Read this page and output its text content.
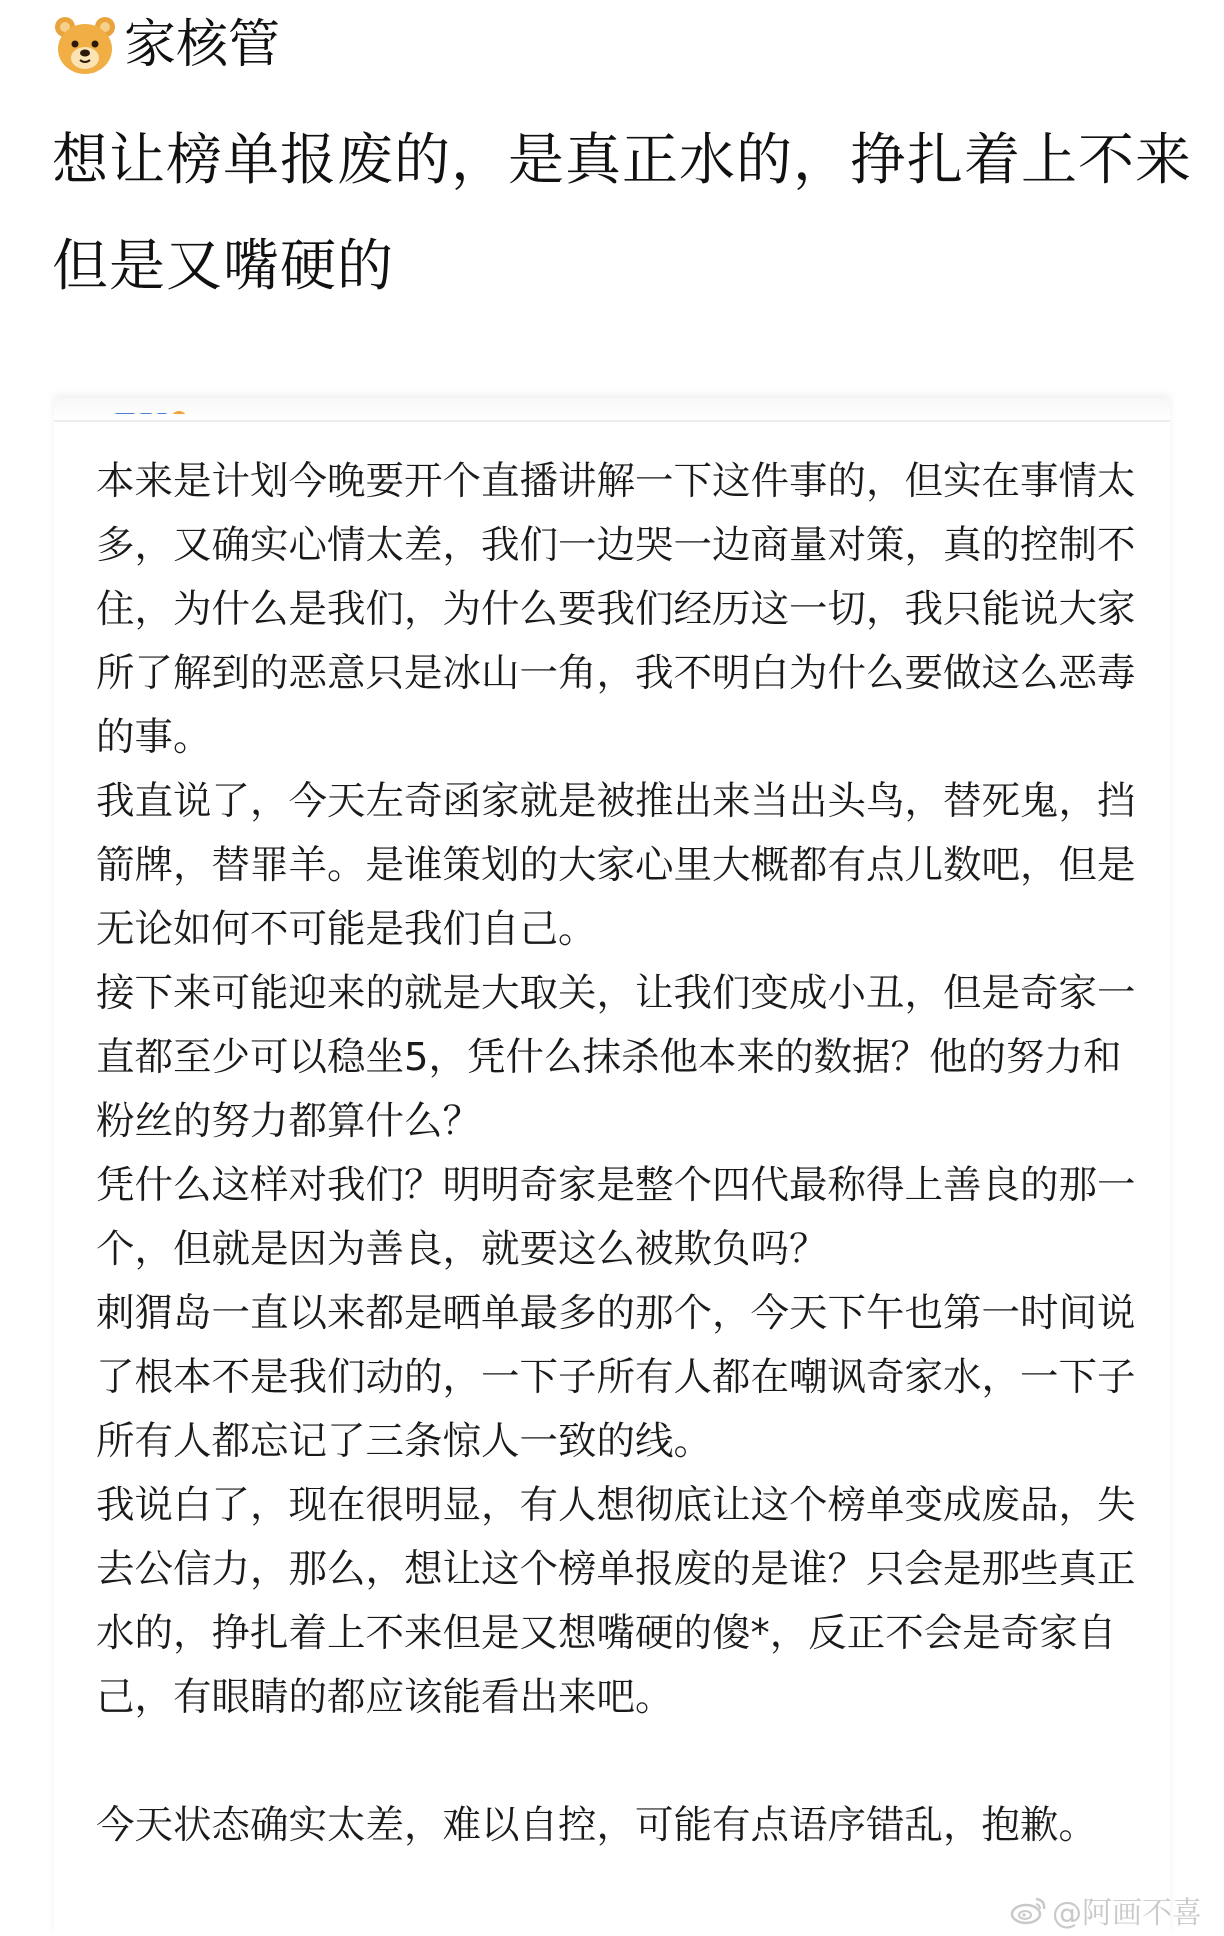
家核管
想让榜单报废的，是真正水的，挣扎着上不来但是又嘴硬的

本来是计划今晚要开个直播讲解一下这件事的，但实在事情太多，又确实心情太差，我们一边哭一边商量对策，真的控制不住，为什么是我们，为什么要我们经历这一切，我只能说大家所了解到的恶意只是冰山一角，我不明白为什么要做这么恶毒的事。

我直说了，今天左奇函家就是被推出来当出头鸟，替死鬼，挡箭牌，替罪羊。是谁策划的大家心里大概都有点儿数吧，但是无论如何不可能是我们自己。

接下来可能迎来的就是大取关，让我们变成小丑，但是奇家一直都至少可以稳坐5，凭什么抹杀他本来的数据？他的努力和粉丝的努力都算什么？

凭什么这样对我们？明明奇家是整个四代最称得上善良的那一个，但就是因为善良，就要这么被欺负吗？

刺猬岛一直以来都是晒单最多的那个，今天下午也第一时间说了根本不是我们动的，一下子所有人都在嘲讽奇家水，一下子所有人都忘记了三条惊人一致的线。

我说白了，现在很明显，有人想彻底让这个榜单变成废品，失去公信力，那么，想让这个榜单报废的是谁？只会是那些真正水的，挣扎着上不来但是又想嘴硬的傻*，反正不会是奇家自己，有眼睛的都应该能看出来吧。

今天状态确实太差，难以自控，可能有点语序错乱，抱歉。

@阿画不喜
